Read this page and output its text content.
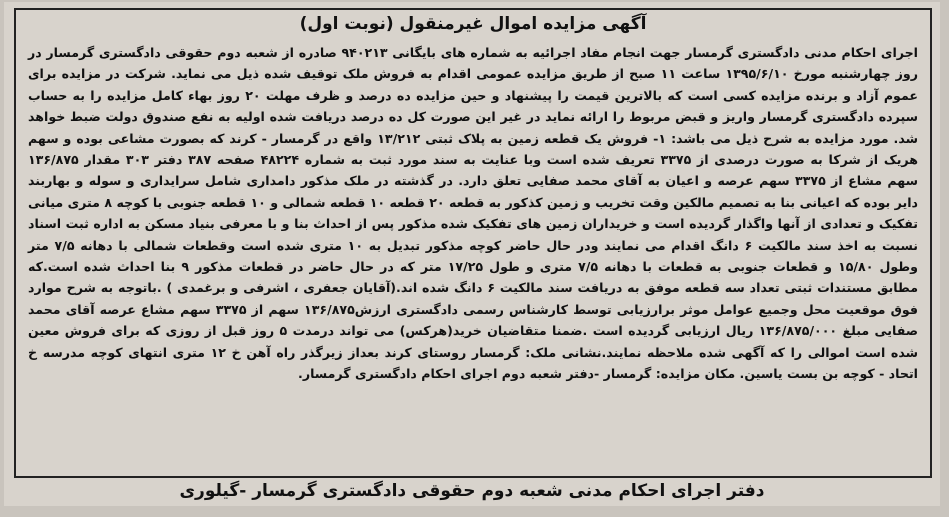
آگهی مزایده اموال غیرمنقول (نوبت اول)
اجرای احکام مدنی دادگستری گرمسار جهت انجام مفاد اجرائیه به شماره های بایگانی ۹۴۰۲۱۳ صادره از شعبه دوم حقوقی دادگستری گرمسار در روز چهارشنبه مورخ ۱۳۹۵/۶/۱۰ ساعت ۱۱ صبح از طریق مزایده عمومی اقدام به فروش ملک توقیف شده ذیل می نماید. شرکت در مزایده برای عموم آزاد و برنده مزایده کسی است که بالاترین قیمت را پیشنهاد و حین مزایده ده درصد و ظرف مهلت ۲۰ روز بهاء کامل مزایده را به حساب سپرده دادگستری گرمسار واریز و قبض مربوط را ارائه نماید در غیر این صورت کل ده درصد دریافت شده اولیه به نفع صندوق دولت ضبط خواهد شد. مورد مزایده به شرح ذیل می باشد: ۱- فروش یک قطعه زمین به پلاک ثبتی ۱۳/۲۱۲ واقع در گرمسار - کرند که بصورت مشاعی بوده و سهم هریک از شرکا به صورت درصدی از ۳۳۷۵ تعریف شده است وبا عنایت به سند مورد ثبت به شماره ۴۸۲۲۴ صفحه ۳۸۷ دفتر ۳۰۳ مقدار ۱۳۶/۸۷۵ سهم مشاع از ۳۳۷۵ سهم عرصه و اعیان به آقای محمد صفایی تعلق دارد. در گذشته در ملک مذکور دامداری شامل سرایداری و سوله و بهاربند دایر بوده که اعیانی بنا به تصمیم مالکین وقت تخریب و زمین کذکور به قطعه ۲۰ قطعه ۱۰ قطعه شمالی و ۱۰ قطعه جنوبی با کوچه ۸ متری میانی تفکیک و تعدادی از آنها واگذار گردیده است و خریداران زمین های تفکیک شده مذکور پس از احداث بنا و با معرفی بنیاد مسکن به اداره ثبت اسناد نسبت به اخذ سند مالکیت ۶ دانگ اقدام می نمایند ودر حال حاضر کوچه مذکور تبدیل به ۱۰ متری شده است وقطعات شمالی با دهانه ۷/۵ متر وطول ۱۵/۸۰ و قطعات جنوبی به قطعات با دهانه ۷/۵ متری و طول ۱۷/۲۵ متر که در حال حاضر در قطعات مذکور ۹ بنا احداث شده است.که مطابق مستندات ثبتی تعداد سه قطعه موفق به دریافت سند مالکیت ۶ دانگ شده اند.(آقایان جعفری ، اشرفی و برغمدی ) .باتوجه به شرح موارد فوق موقعیت محل وجمیع عوامل موثر برارزیابی توسط کارشناس رسمی دادگستری ارزش۱۳۶/۸۷۵ سهم از ۳۳۷۵ سهم مشاع عرصه آقای محمد صفایی مبلغ ۱۳۶/۸۷۵/۰۰۰ ریال ارزیابی گردیده است .ضمنا متقاضیان خرید(هرکس) می تواند درمدت ۵ روز قبل از روزی که برای فروش معین شده است اموالی را که آگهی شده ملاحظه نمایند.نشانی ملک: گرمسار روستای کرند بعداز زیرگذر راه آهن خ ۱۲ متری انتهای کوچه مدرسه خ اتحاد - کوچه بن بست یاسین. مکان مزایده: گرمسار -دفتر شعبه دوم اجرای احکام دادگستری گرمسار.
دفتر اجرای احکام مدنی شعبه دوم حقوقی دادگستری گرمسار -گیلوری
